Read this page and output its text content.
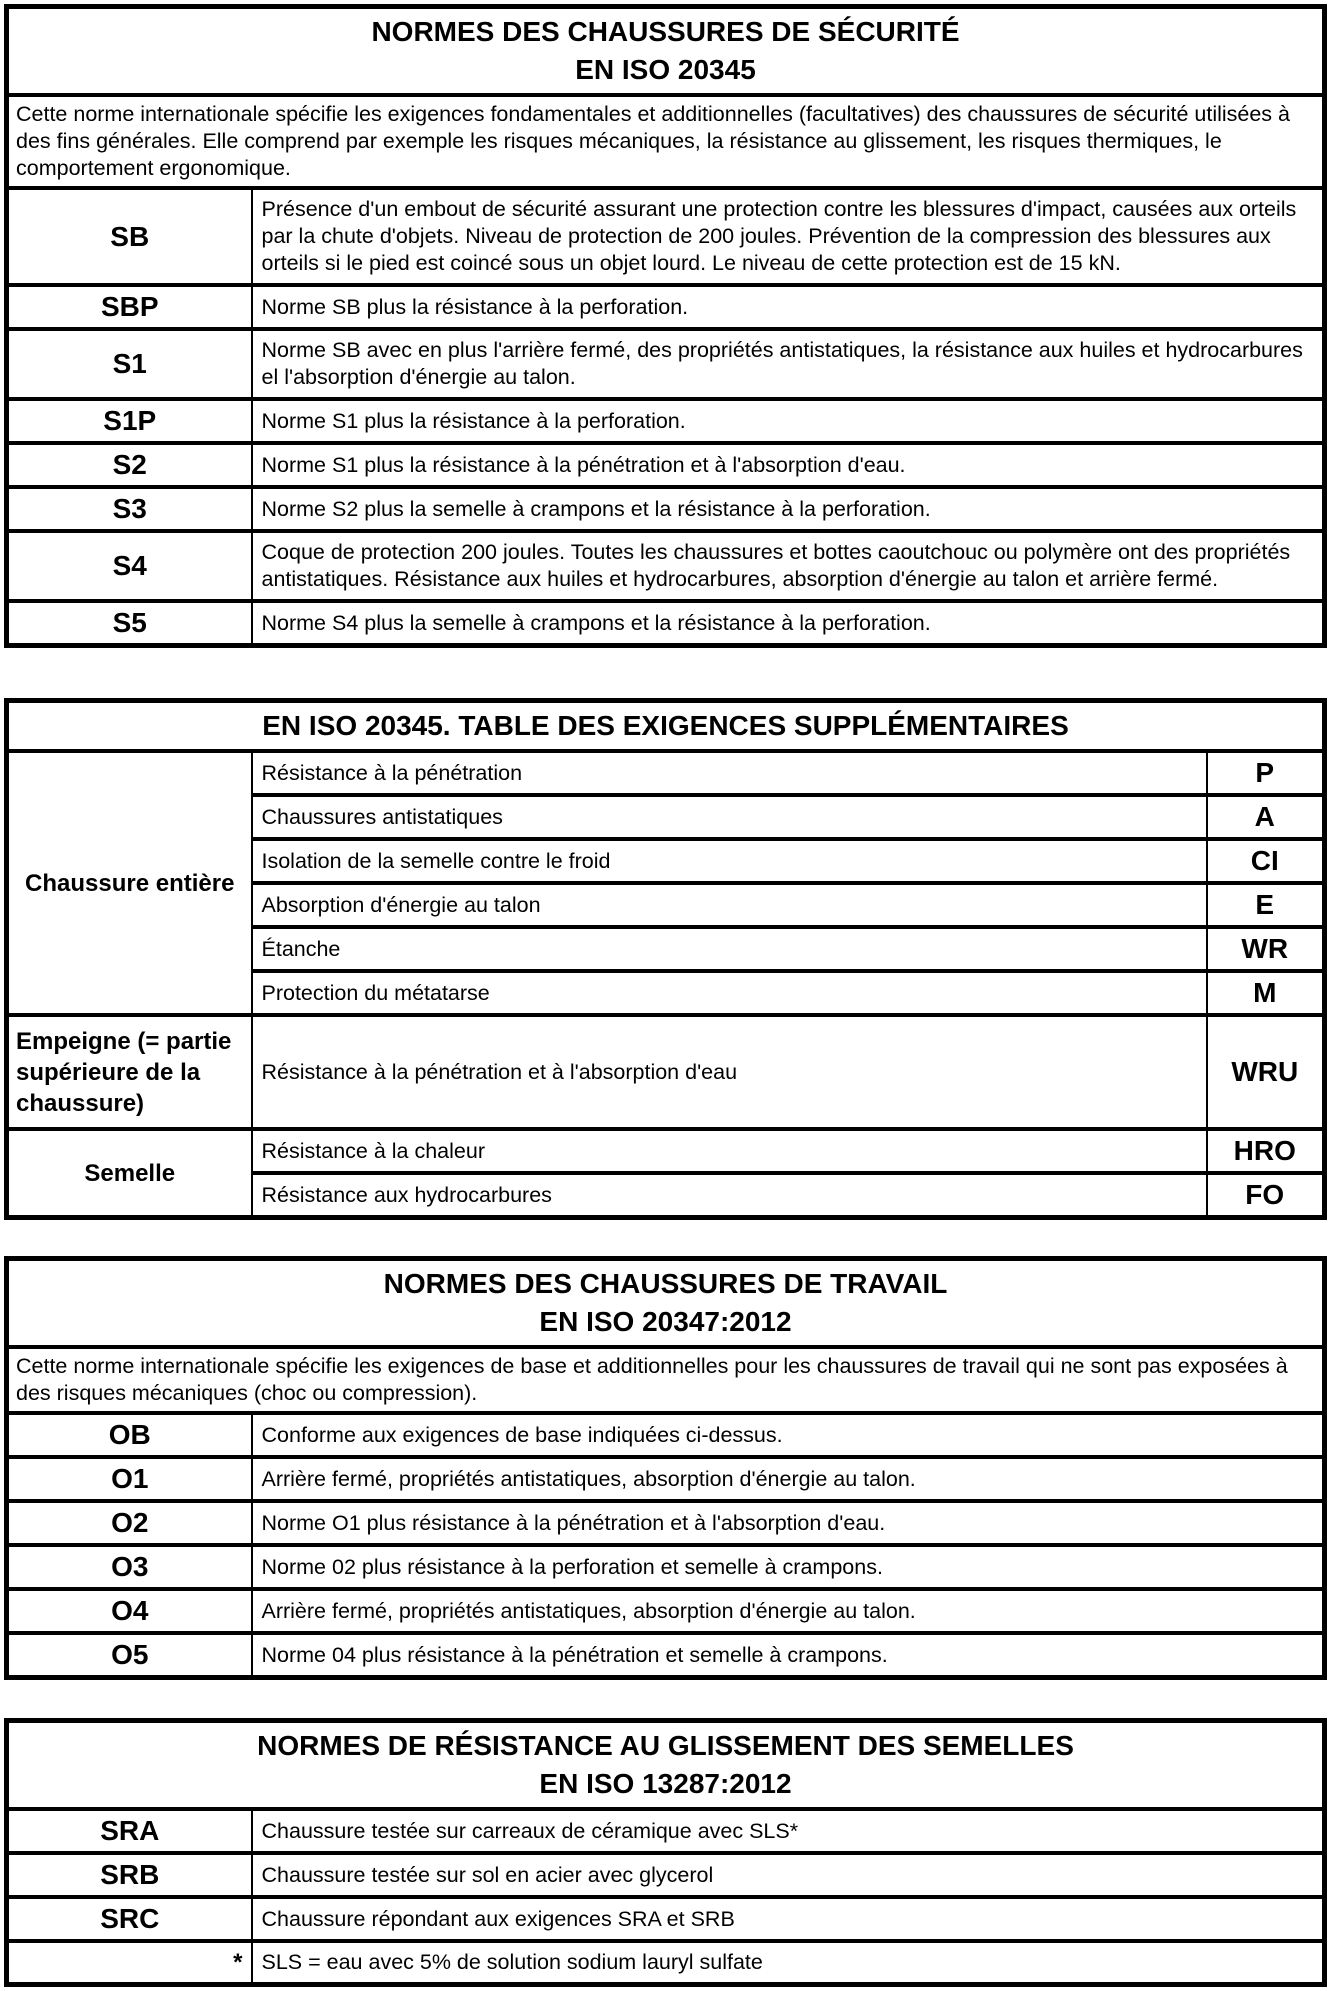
NORMES DES CHAUSSURES DE SÉCURITÉ
EN ISO 20345	

Cette norme internationale spécifie les exigences fondamentales et additionnelles (facultatives) des chaussures de sécurité utilisées à des fins générales. Elle comprend par exemple les risques mécaniques, la résistance au glissement, les risques thermiques, le comportement ergonomique.	
SB	Présence d'un embout de sécurité assurant une protection contre les blessures d'impact, causées aux orteils par la chute d'objets. Niveau de protection de 200 joules. Prévention de la compression des blessures aux orteils si le pied est coincé sous un objet lourd. Le niveau de cette protection est de 15 kN.
SBP	Norme SB plus la résistance à la perforation.
S1	Norme SB avec en plus l'arrière fermé, des propriétés antistatiques, la résistance aux huiles et hydrocarbures el l'absorption d'énergie au talon.
S1P	Norme S1 plus la résistance à la perforation.
S2	Norme S1 plus la résistance à la pénétration et à l'absorption d'eau.
S3	Norme S2 plus la semelle à crampons et la résistance à la perforation.
S4	Coque de protection 200 joules. Toutes les chaussures et bottes caoutchouc ou polymère ont des propriétés antistatiques. Résistance aux huiles et hydrocarbures, absorption d'énergie au talon et arrière fermé.
S5	Norme S4 plus la semelle à crampons et la résistance à la perforation.
EN ISO 20345. TABLE DES EXIGENCES SUPPLÉMENTAIRES		

Chaussure entière	Résistance à la pénétration	P
	Chaussures antistatiques	A
	Isolation de la semelle contre le froid	CI
	Absorption d'énergie au talon	E
	Étanche	WR
	Protection du métatarse	M
Empeigne (= partie supérieure de la chaussure)	Résistance à la pénétration et à l'absorption d'eau	WRU
Semelle	Résistance à la chaleur	HRO
	Résistance aux hydrocarbures	FO
NORMES DES CHAUSSURES DE TRAVAIL
EN ISO 20347:2012	

Cette norme internationale spécifie les exigences de base et additionnelles pour les chaussures de travail qui ne sont pas exposées à des risques mécaniques (choc ou compression).	
OB	Conforme aux exigences de base indiquées ci-dessus.
O1	Arrière fermé, propriétés antistatiques, absorption d'énergie au talon.
O2	Norme O1 plus résistance à la pénétration et à l'absorption d'eau.
O3	Norme 02 plus résistance à la perforation et semelle à crampons.
O4	Arrière fermé, propriétés antistatiques, absorption d'énergie au talon.
O5	Norme 04 plus résistance à la pénétration et semelle à crampons.
NORMES DE RÉSISTANCE AU GLISSEMENT DES SEMELLES
EN ISO 13287:2012	

SRA	Chaussure testée sur carreaux de céramique avec SLS*
SRB	Chaussure testée sur sol en acier avec glycerol
SRC	Chaussure répondant aux exigences SRA et SRB
*	SLS = eau avec 5% de solution sodium lauryl sulfate
